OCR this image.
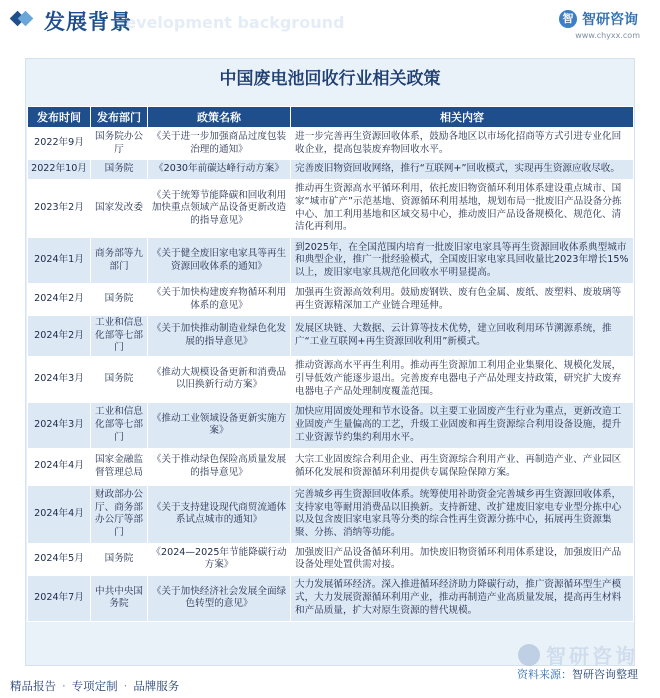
Development background
发展背景	智 智研咨询
www.chyxx.com
中国废电池回收行业相关政策
发布时间	发布部门	政策名称	相关内容
2022年9月	国务院办公厅	《关于进一步加强商品过度包装治理的通知》	进一步完善再生资源回收体系，鼓励各地区以市场化招商等方式引进专业化回收企业，提高包装废弃物回收水平。
2022年10月	国务院	《2030年前碳达峰行动方案》	完善废旧物资回收网络，推行“互联网+”回收模式，实现再生资源应收尽收。
2023年2月	国家发改委	《关于统筹节能降碳和回收利用加快重点领域产品设备更新改造的指导意见》	推动再生资源高水平循环利用，依托废旧物资循环利用体系建设重点城市、国家“城市矿产”示范基地、资源循环利用基地，规划布局一批废旧产品设备分拣中心、加工利用基地和区域交易中心，推动废旧产品设备规模化、规范化、清洁化再利用。
2024年1月	商务部等九部门	《关于健全废旧家电家具等再生资源回收体系的通知》	到2025年，在全国范围内培育一批废旧家电家具等再生资源回收体系典型城市和典型企业，推广一批经验模式，全国废旧家电家具回收量比2023年增长15%以上，废旧家电家具规范化回收水平明显提高。
2024年2月	国务院	《关于加快构建废弃物循环利用体系的意见》	加强再生资源高效利用。鼓励废钢铁、废有色金属、废纸、废塑料、废玻璃等再生资源精深加工产业链合理延伸。
2024年2月	工业和信息化部等七部门	《关于加快推动制造业绿色化发展的指导意见》	发展区块链、大数据、云计算等技术优势，建立回收利用环节溯源系统，推广“工业互联网+再生资源回收利用”新模式。
2024年3月	国务院	《推动大规模设备更新和消费品以旧换新行动方案》	推动资源高水平再生利用。推动再生资源加工利用企业集聚化、规模化发展，引导低效产能逐步退出。完善废弃电器电子产品处理支持政策，研究扩大废弃电器电子产品处理制度覆盖范围。
2024年3月	工业和信息化部等七部门	《推动工业领域设备更新实施方案》	加快应用固废处理和节水设备。以主要工业固废产生行业为重点，更新改造工业固废产生量偏高的工艺，升级工业固废和再生资源综合利用设备设施，提升工业资源节约集约利用水平。
2024年4月	国家金融监督管理总局	《关于推动绿色保险高质量发展的指导意见》	大宗工业固废综合利用企业、再生资源综合利用产业、再制造产业、产业园区循环化发展和资源循环利用提供专属保险保障方案。
2024年4月	财政部办公厅、商务部办公厅等部门	《关于支持建设现代商贸流通体系试点城市的通知》	完善城乡再生资源回收体系。统筹使用补助资金完善城乡再生资源回收体系，支持家电等耐用消费品以旧换新。支持新建、改扩建废旧家电专业型分拣中心以及包含废旧家电家具等分类的综合性再生资源分拣中心，拓展再生资源集聚、分拣、消纳等功能。
2024年5月	国务院	《2024—2025年节能降碳行动方案》	加强废旧产品设备循环利用。加快废旧物资循环利用体系建设，加强废旧产品设备处理处置供需对接。
2024年7月	中共中央国务院	《关于加快经济社会发展全面绿色转型的意见》	大力发展循环经济。深入推进循环经济助力降碳行动，推广资源循环型生产模式，大力发展资源循环利用产业，推动再制造产业高质量发展，提高再生材料和产品质量，扩大对原生资源的替代规模。
智研咨询
资料来源：智研咨询整理
精品报告 · 专项定制 · 品牌服务
